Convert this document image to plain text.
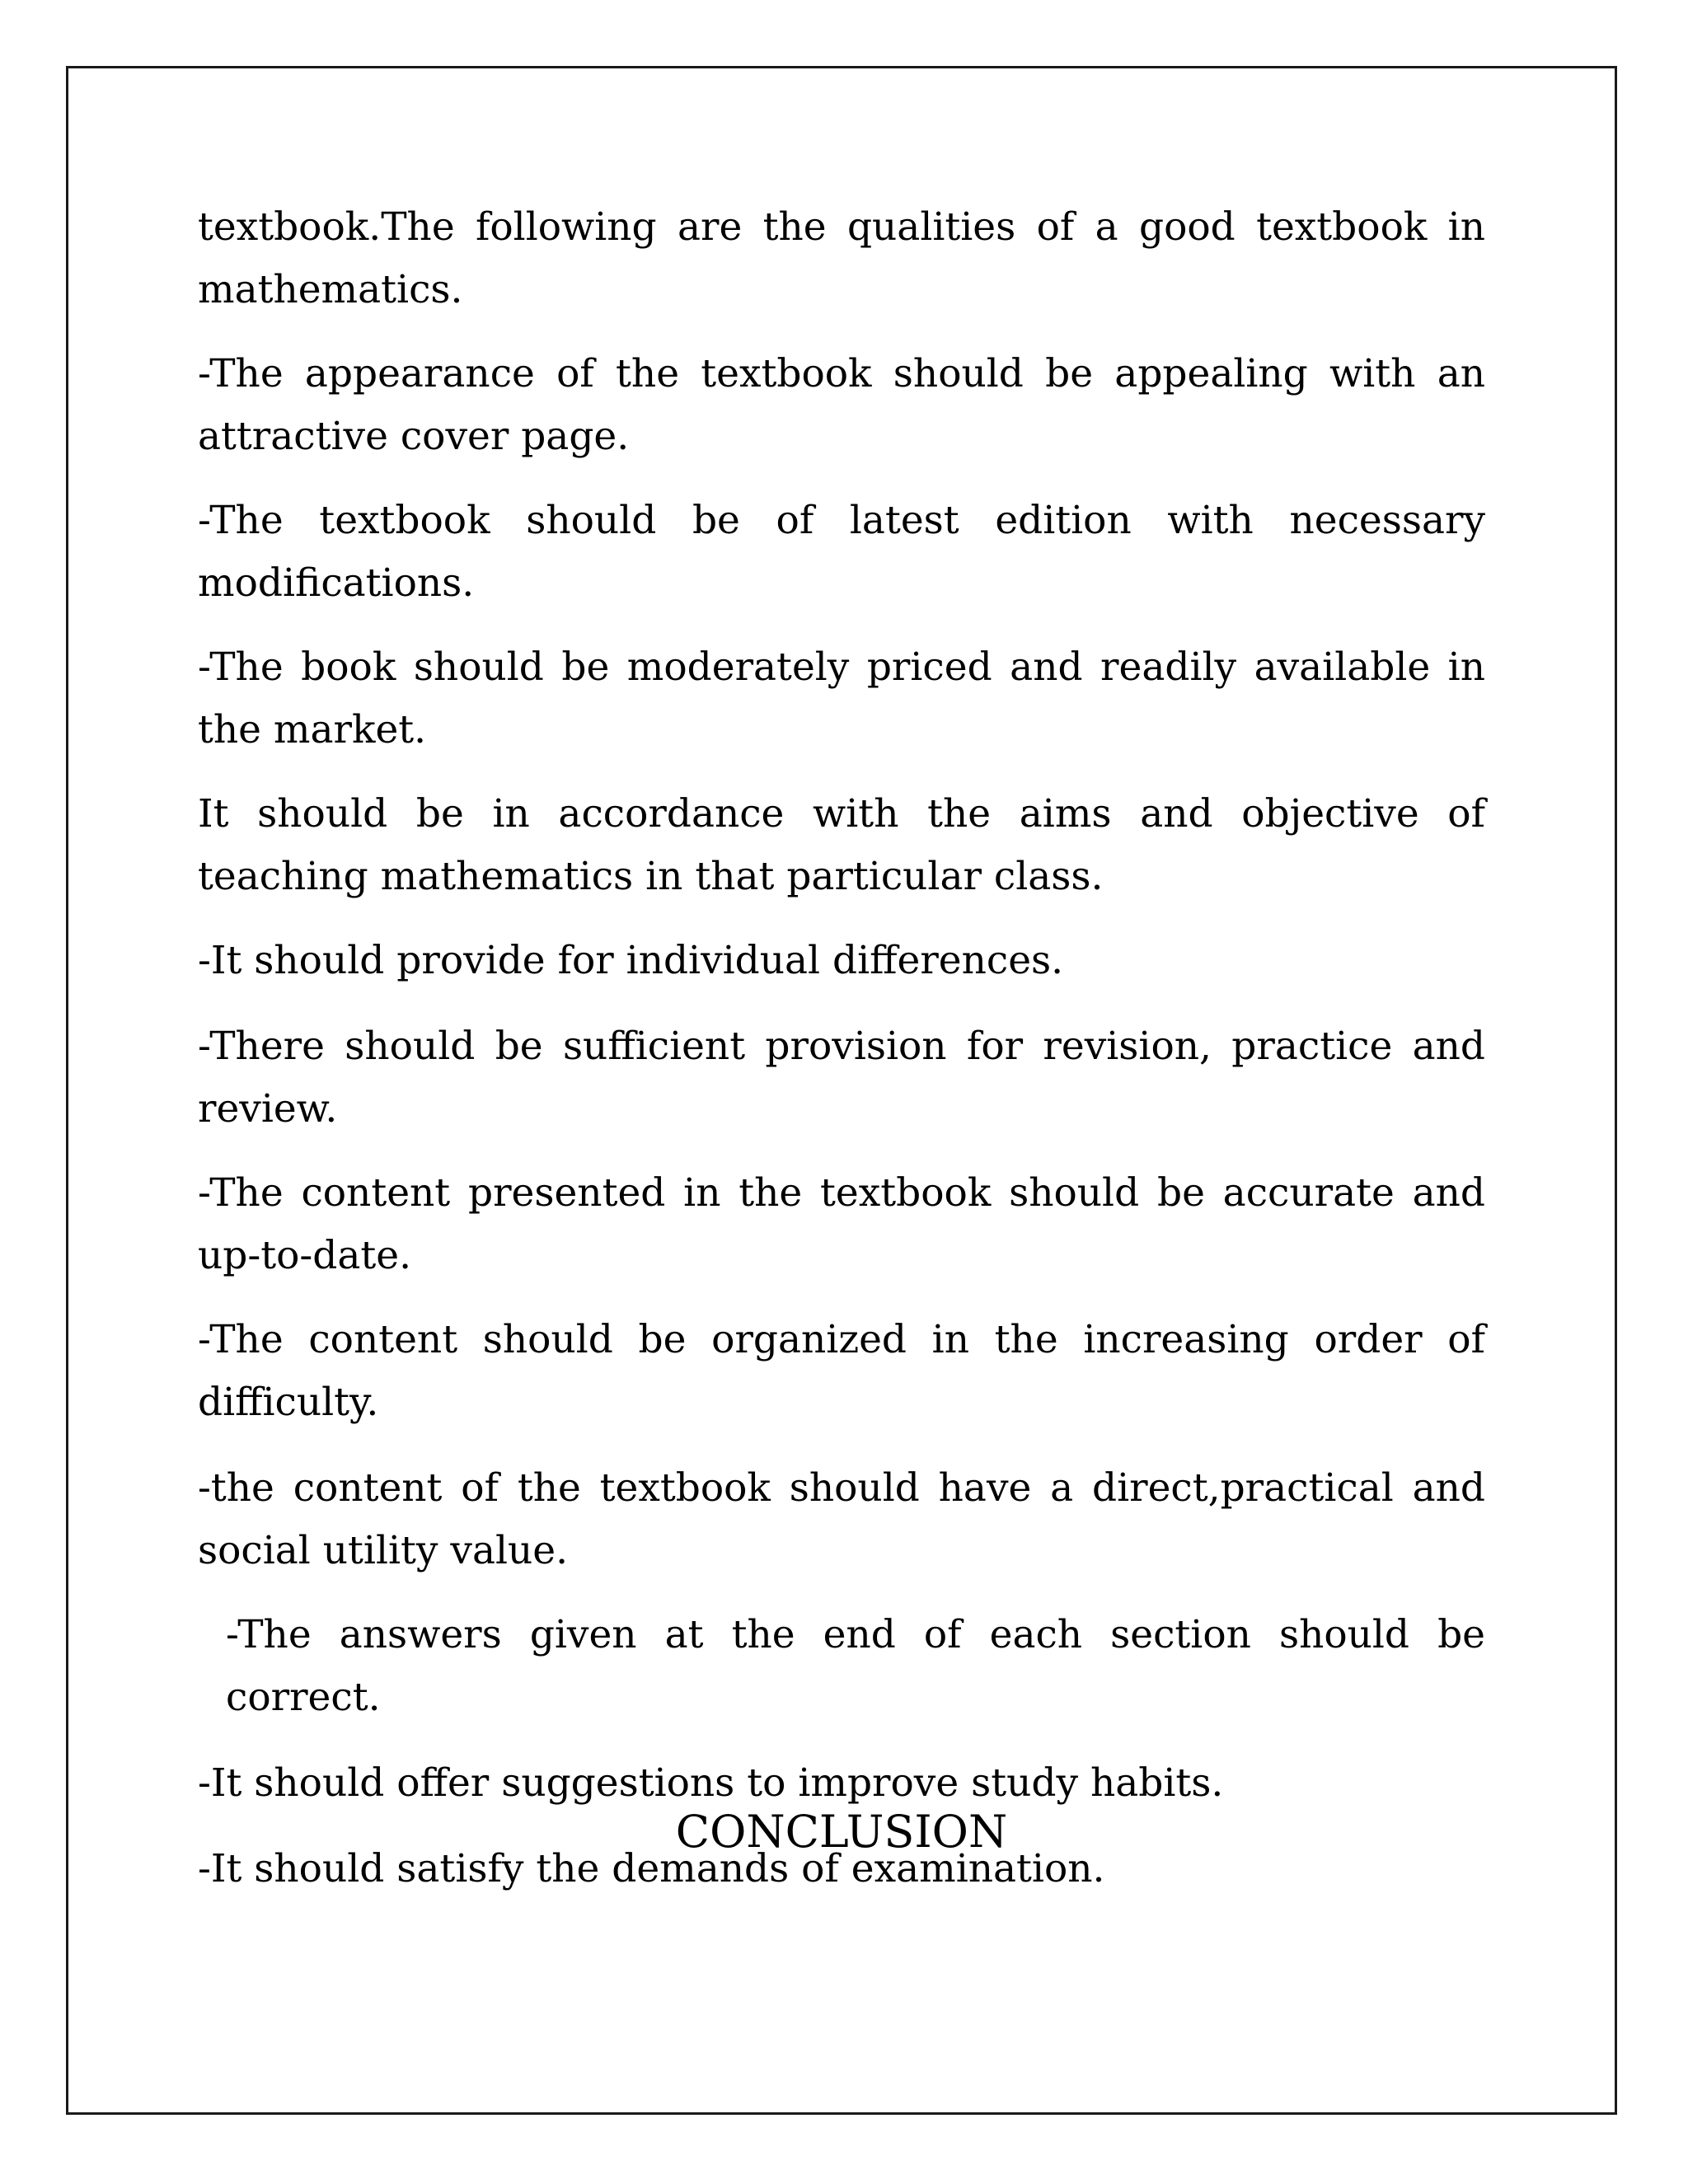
textbook.The following are the qualities of a good textbook in mathematics.

-The appearance of the textbook should be appealing with an attractive cover page.

-The textbook should be of latest edition with necessary modifications.

-The book should be moderately priced and readily available in the market.

It should be in accordance with the aims and objective of teaching mathematics in that particular class.

-It should provide for individual differences.

-There should be sufficient provision for revision, practice and review.

-The content presented in the textbook should be accurate and up-to-date.

-The content should be organized in the increasing order of difficulty.

-the content of the textbook should have a direct,practical and social utility value.

-The answers given at the end of each section should be correct.

-It should offer suggestions to improve study habits.

-It should satisfy the demands of examination.

CONCLUSION
